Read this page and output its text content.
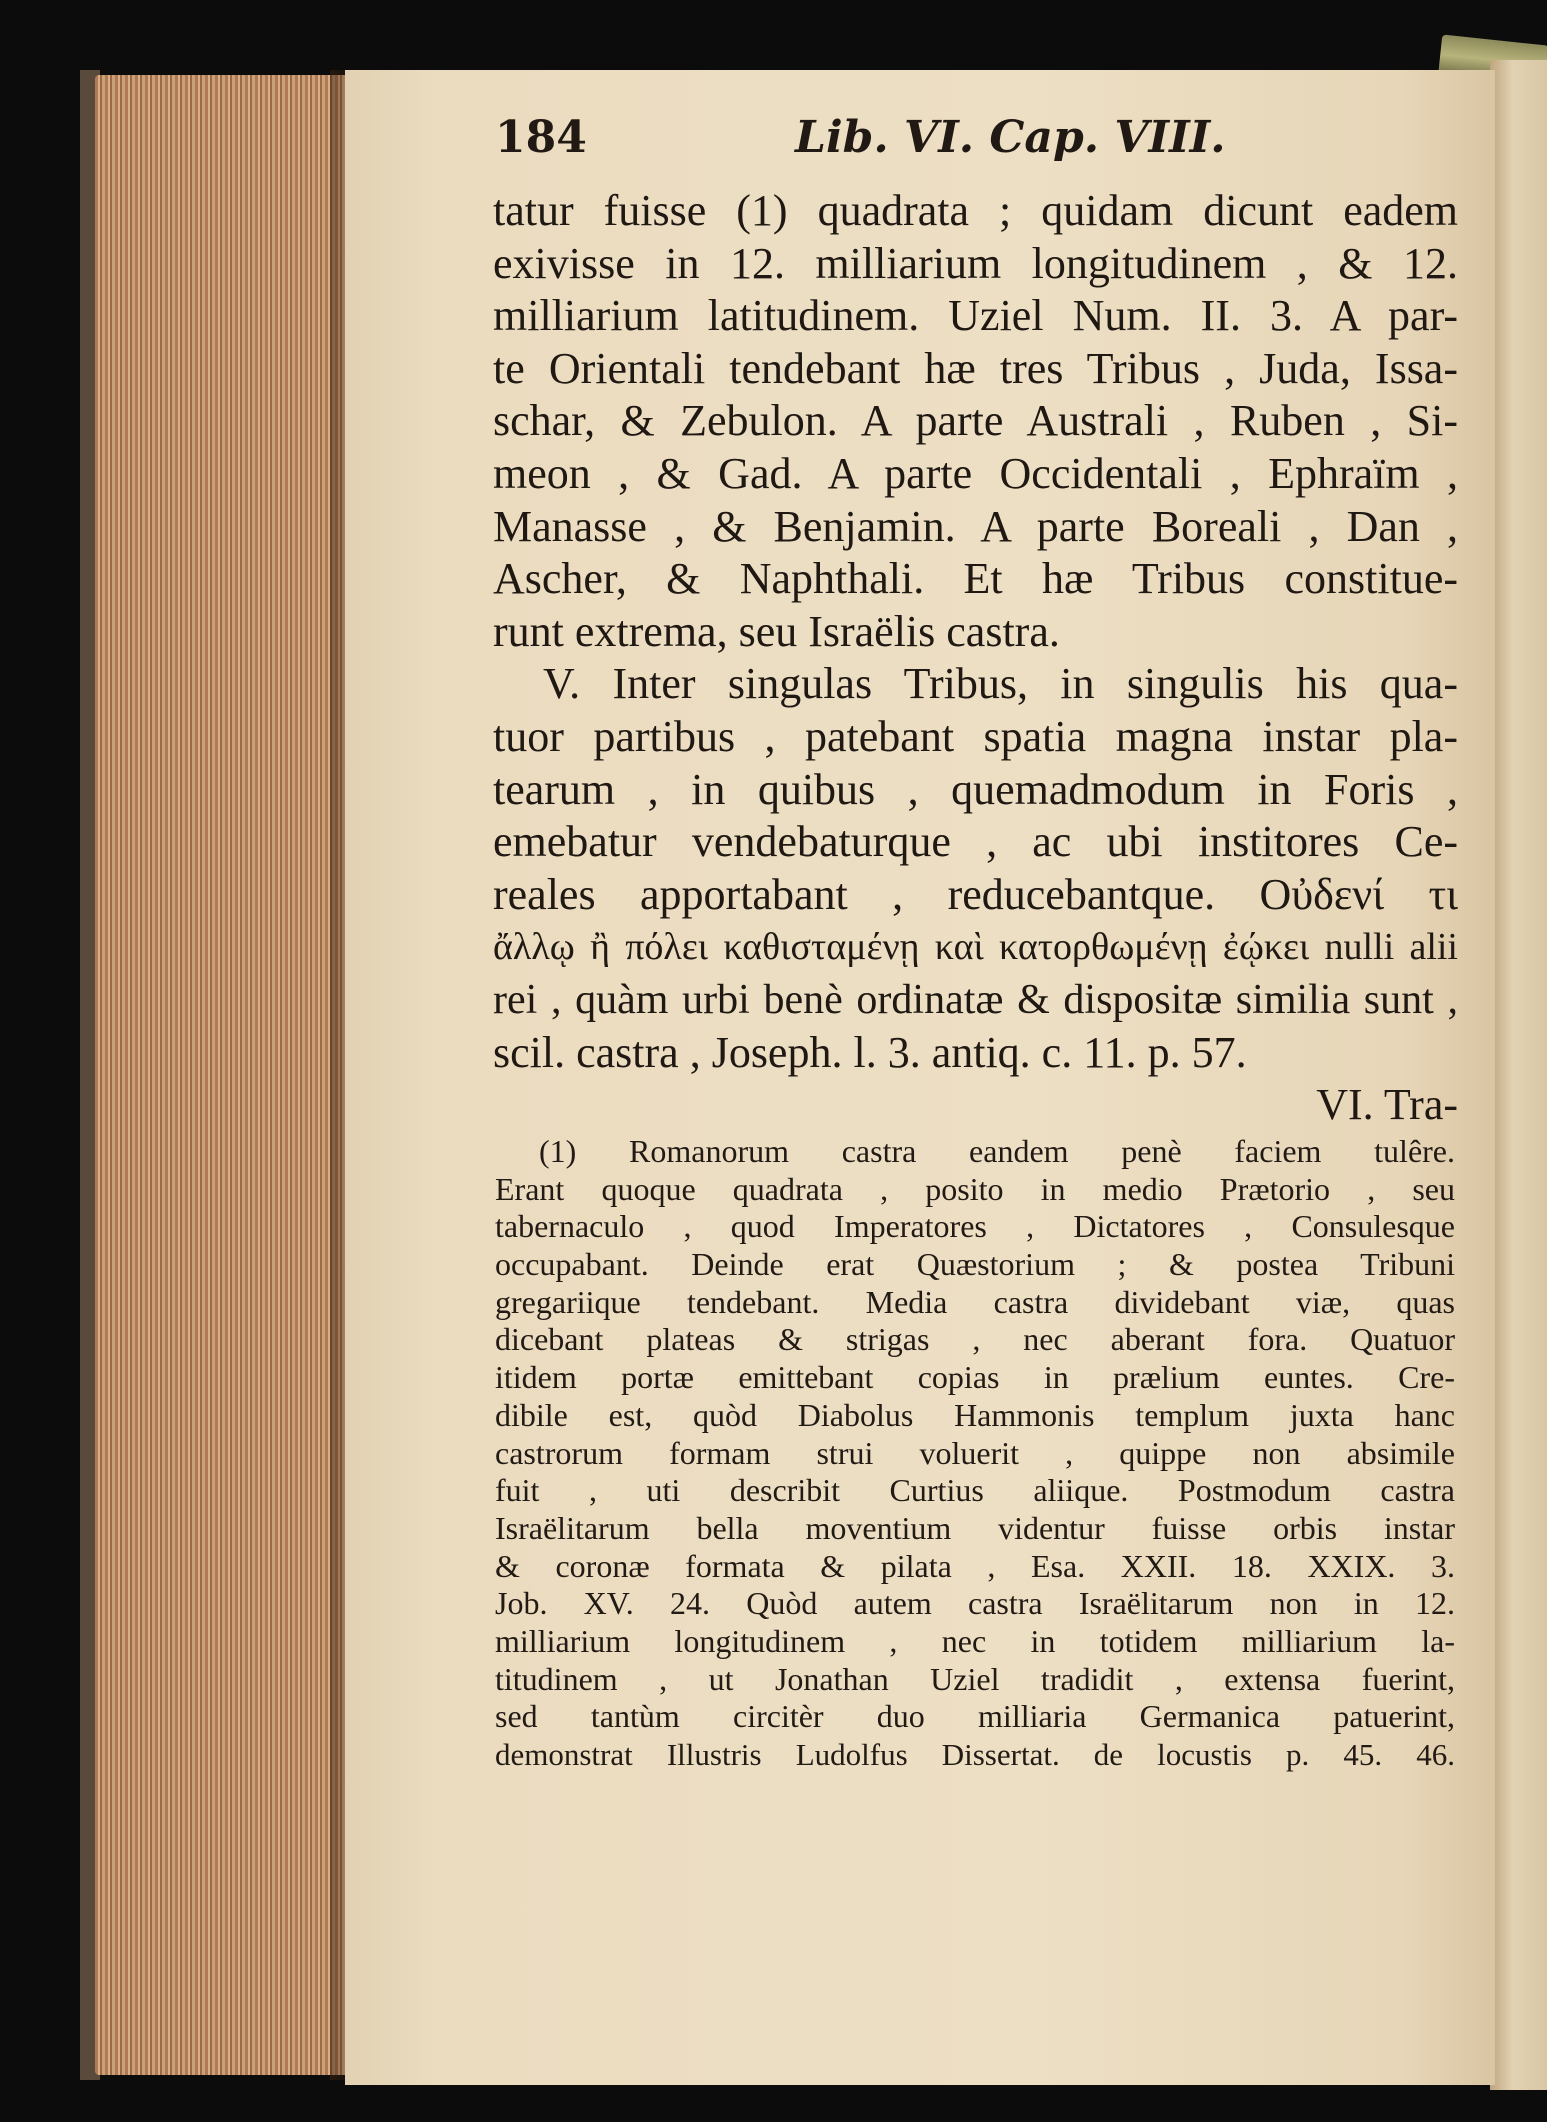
184	Lib. VI. Cap. VIII.
tatur fuisse (1) quadrata ; quidam dicunt eadem
exivisse in 12. milliarium longitudinem , & 12.
milliarium latitudinem. Uziel Num. II. 3. A par-
te Orientali tendebant hæ tres Tribus , Juda, Issa-
schar, & Zebulon. A parte Australi , Ruben , Si-
meon , & Gad. A parte Occidentali , Ephraïm ,
Manasse , & Benjamin. A parte Boreali , Dan ,
Ascher, & Naphthali. Et hæ Tribus constitue-
runt extrema, seu Israëlis castra.
V. Inter singulas Tribus, in singulis his qua-
tuor partibus , patebant spatia magna instar pla-
tearum , in quibus , quemadmodum in Foris ,
emebatur vendebaturque , ac ubi institores Ce-
reales apportabant , reducebantque. Οὐδενί τι
ἄλλῳ ἢ πόλει καθισταμένῃ καὶ κατορθωμένῃ ἐῴκει nulli alii
rei , quàm urbi benè ordinatæ & dispositæ similia sunt ,
scil. castra , Joseph. l. 3. antiq. c. 11. p. 57.
VI. Tra-
(1) Romanorum castra eandem penè faciem tulêre.
Erant quoque quadrata , posito in medio Prætorio , seu
tabernaculo , quod Imperatores , Dictatores , Consulesque
occupabant. Deinde erat Quæstorium ; & postea Tribuni
gregariique tendebant. Media castra dividebant viæ, quas
dicebant plateas & strigas , nec aberant fora. Quatuor
itidem portæ emittebant copias in prælium euntes. Cre-
dibile est, quòd Diabolus Hammonis templum juxta hanc
castrorum formam strui voluerit , quippe non absimile
fuit , uti describit Curtius aliique. Postmodum castra
Israëlitarum bella moventium videntur fuisse orbis instar
& coronæ formata & pilata , Esa. XXII. 18. XXIX. 3.
Job. XV. 24. Quòd autem castra Israëlitarum non in 12.
milliarium longitudinem , nec in totidem milliarium la-
titudinem , ut Jonathan Uziel tradidit , extensa fuerint,
sed tantùm circitèr duo milliaria Germanica patuerint,
demonstrat Illustris Ludolfus Dissertat. de locustis p. 45. 46.
